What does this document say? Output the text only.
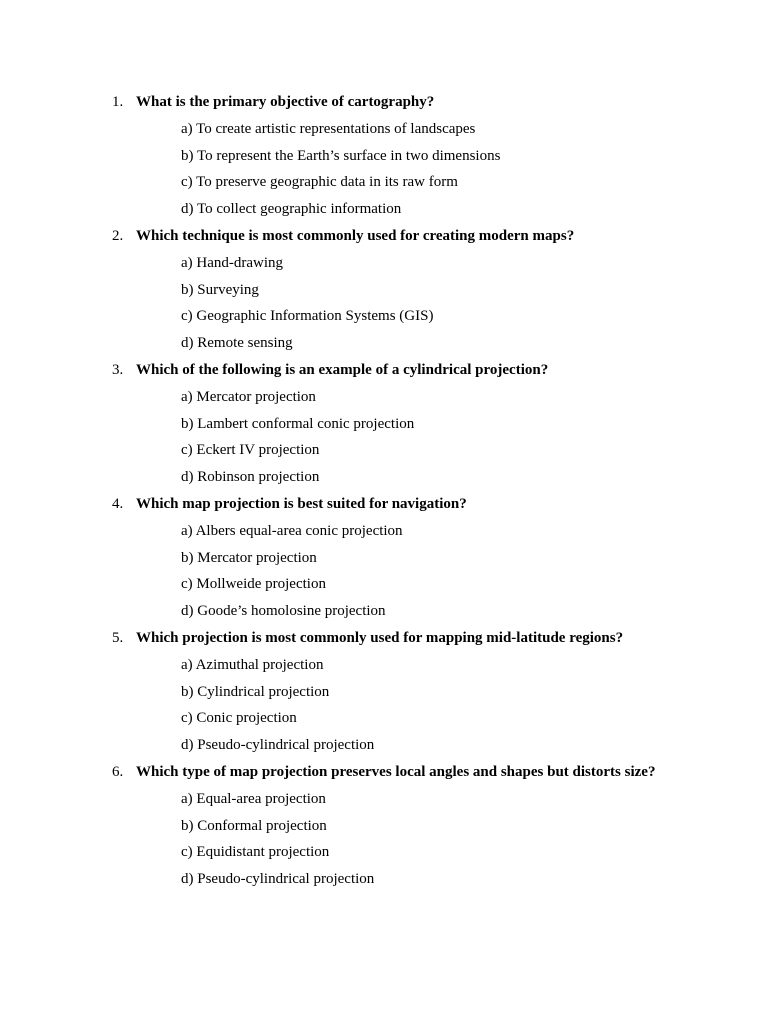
1. What is the primary objective of cartography?
a) To create artistic representations of landscapes
b) To represent the Earth’s surface in two dimensions
c) To preserve geographic data in its raw form
d) To collect geographic information
2. Which technique is most commonly used for creating modern maps?
a) Hand-drawing
b) Surveying
c) Geographic Information Systems (GIS)
d) Remote sensing
3. Which of the following is an example of a cylindrical projection?
a) Mercator projection
b) Lambert conformal conic projection
c) Eckert IV projection
d) Robinson projection
4. Which map projection is best suited for navigation?
a) Albers equal-area conic projection
b) Mercator projection
c) Mollweide projection
d) Goode’s homolosine projection
5. Which projection is most commonly used for mapping mid-latitude regions?
a) Azimuthal projection
b) Cylindrical projection
c) Conic projection
d) Pseudo-cylindrical projection
6. Which type of map projection preserves local angles and shapes but distorts size?
a) Equal-area projection
b) Conformal projection
c) Equidistant projection
d) Pseudo-cylindrical projection
